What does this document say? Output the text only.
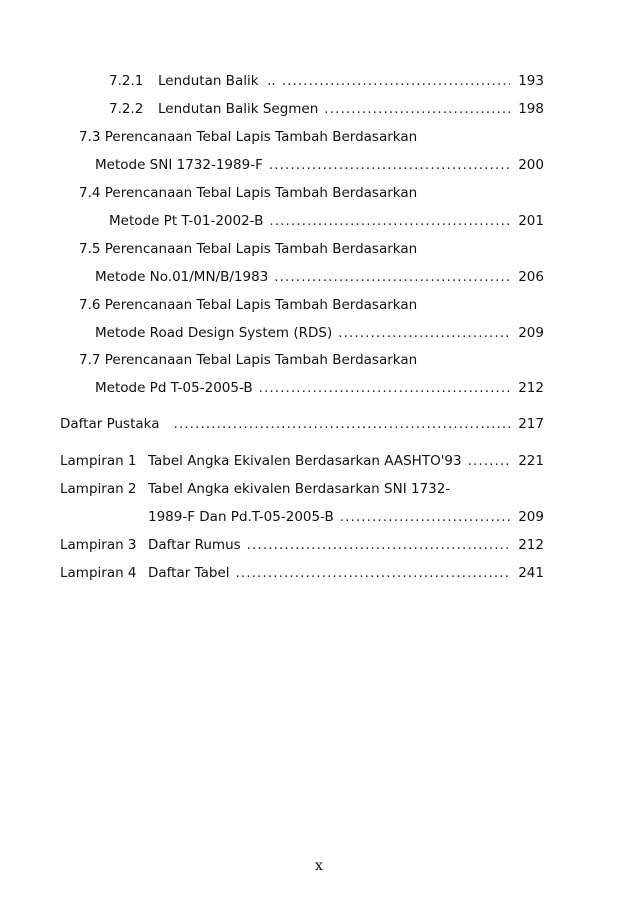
7.2.1 Lendutan Balik  .. . . .	193
7.2.2 Lendutan Balik Segmen . . .	198
7.3 Perencanaan Tebal Lapis Tambah Berdasarkan
Metode SNI 1732-1989-F . . .	200
7.4 Perencanaan Tebal Lapis Tambah Berdasarkan
Metode Pt T-01-2002-B . . .	201
7.5 Perencanaan Tebal Lapis Tambah Berdasarkan
Metode No.01/MN/B/1983 . . .	206
7.6 Perencanaan Tebal Lapis Tambah Berdasarkan
Metode Road Design System (RDS) . . .	209
7.7 Perencanaan Tebal Lapis Tambah Berdasarkan
Metode Pd T-05-2005-B . . .	212
Daftar Pustaka . . .	217
Lampiran 1 Tabel Angka Ekivalen Berdasarkan AASHTO'93 . . .	221
Lampiran 2 Tabel Angka ekivalen Berdasarkan SNI 1732-
1989-F Dan Pd.T-05-2005-B . . .	209
Lampiran 3 Daftar Rumus . . .	212
Lampiran 4 Daftar Tabel . . .	241
x
